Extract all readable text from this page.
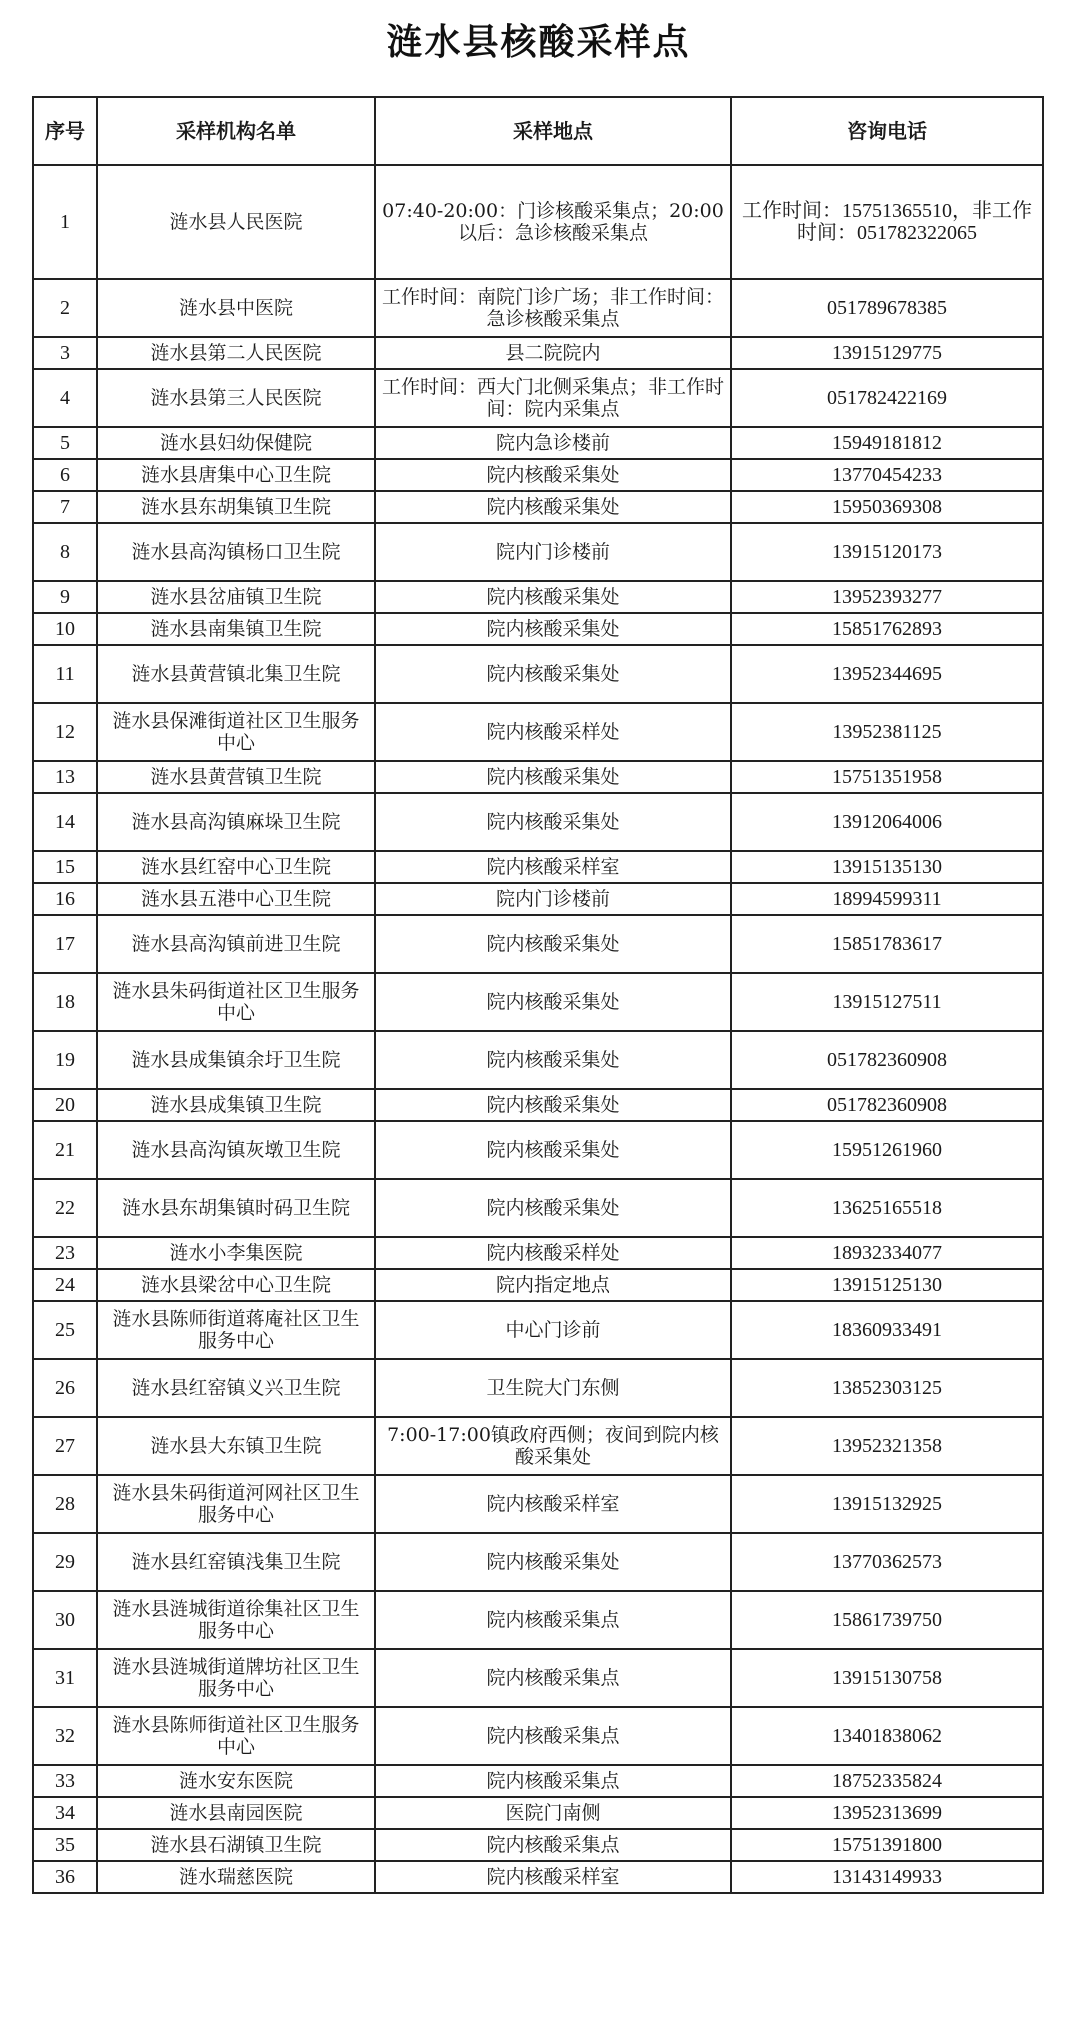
涟水县核酸采样点
序号	采样机构名单	采样地点	咨询电话
1	涟水县人民医院	07:40-20:00：门诊核酸采集点；20:00以后：急诊核酸采集点	工作时间：15751365510，非工作时间：051782322065
2	涟水县中医院	工作时间：南院门诊广场；非工作时间：急诊核酸采集点	051789678385
3	涟水县第二人民医院	县二院院内	13915129775
4	涟水县第三人民医院	工作时间：西大门北侧采集点；非工作时间：院内采集点	051782422169
5	涟水县妇幼保健院	院内急诊楼前	15949181812
6	涟水县唐集中心卫生院	院内核酸采集处	13770454233
7	涟水县东胡集镇卫生院	院内核酸采集处	15950369308
8	涟水县高沟镇杨口卫生院	院内门诊楼前	13915120173
9	涟水县岔庙镇卫生院	院内核酸采集处	13952393277
10	涟水县南集镇卫生院	院内核酸采集处	15851762893
11	涟水县黄营镇北集卫生院	院内核酸采集处	13952344695
12	涟水县保滩街道社区卫生服务中心	院内核酸采样处	13952381125
13	涟水县黄营镇卫生院	院内核酸采集处	15751351958
14	涟水县高沟镇麻垛卫生院	院内核酸采集处	13912064006
15	涟水县红窑中心卫生院	院内核酸采样室	13915135130
16	涟水县五港中心卫生院	院内门诊楼前	18994599311
17	涟水县高沟镇前进卫生院	院内核酸采集处	15851783617
18	涟水县朱码街道社区卫生服务中心	院内核酸采集处	13915127511
19	涟水县成集镇余圩卫生院	院内核酸采集处	051782360908
20	涟水县成集镇卫生院	院内核酸采集处	051782360908
21	涟水县高沟镇灰墩卫生院	院内核酸采集处	15951261960
22	涟水县东胡集镇时码卫生院	院内核酸采集处	13625165518
23	涟水小李集医院	院内核酸采样处	18932334077
24	涟水县梁岔中心卫生院	院内指定地点	13915125130
25	涟水县陈师街道蒋庵社区卫生服务中心	中心门诊前	18360933491
26	涟水县红窑镇义兴卫生院	卫生院大门东侧	13852303125
27	涟水县大东镇卫生院	7:00-17:00镇政府西侧；夜间到院内核酸采集处	13952321358
28	涟水县朱码街道河网社区卫生服务中心	院内核酸采样室	13915132925
29	涟水县红窑镇浅集卫生院	院内核酸采集处	13770362573
30	涟水县涟城街道徐集社区卫生服务中心	院内核酸采集点	15861739750
31	涟水县涟城街道牌坊社区卫生服务中心	院内核酸采集点	13915130758
32	涟水县陈师街道社区卫生服务中心	院内核酸采集点	13401838062
33	涟水安东医院	院内核酸采集点	18752335824
34	涟水县南园医院	医院门南侧	13952313699
35	涟水县石湖镇卫生院	院内核酸采集点	15751391800
36	涟水瑞慈医院	院内核酸采样室	13143149933
